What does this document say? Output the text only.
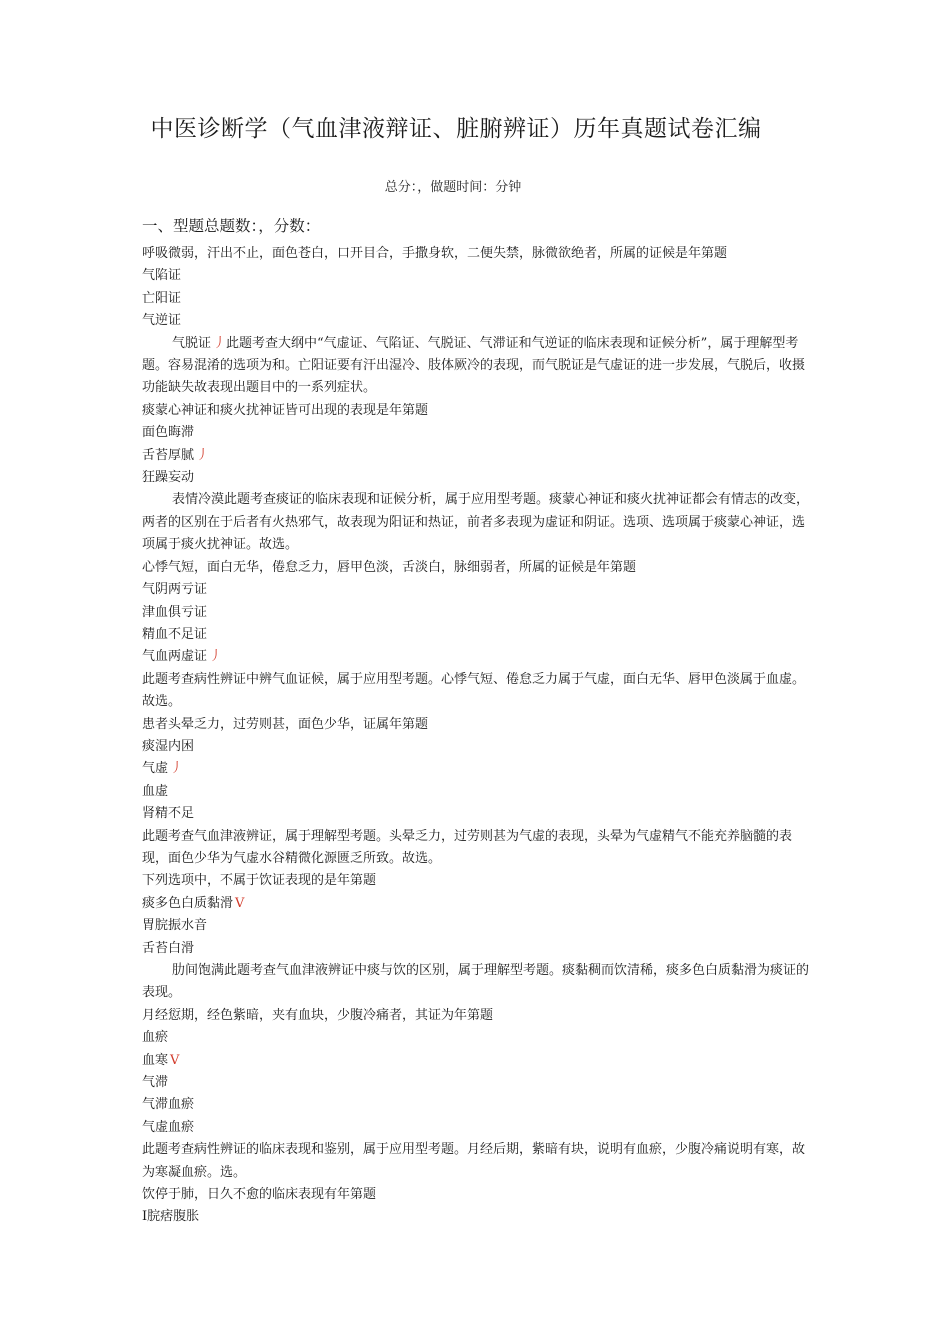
中医诊断学（气血津液辩证、脏腑辨证）历年真题试卷汇编
总分：，做题时间：分钟
一、型题总题数：，分数：
呼吸微弱，汗出不止，面色苍白，口开目合，手撒身软，二便失禁，脉微欲绝者，所属的证候是年第题
气陷证
亡阳证
气逆证
气脱证 丿此题考查大纲中“气虚证、气陷证、气脱证、气滞证和气逆证的临床表现和证候分析”，属于理解型考题。容易混淆的选项为和。亡阳证要有汗出湿冷、肢体厥冷的表现，而气脱证是气虚证的进一步发展，气脱后，收摄功能缺失故表现出题目中的一系列症状。
痰蒙心神证和痰火扰神证皆可出现的表现是年第题
面色晦滞
舌苔厚腻 丿
狂躁妄动
表情冷漠此题考查痰证的临床表现和证候分析，属于应用型考题。痰蒙心神证和痰火扰神证都会有情志的改变，两者的区别在于后者有火热邪气，故表现为阳证和热证，前者多表现为虚证和阴证。选项、选项属于痰蒙心神证，选项属于痰火扰神证。故选。
心悸气短，面白无华，倦怠乏力，唇甲色淡，舌淡白，脉细弱者，所属的证候是年第题
气阴两亏证
津血俱亏证
精血不足证
气血两虚证 丿
此题考查病性辨证中辨气血证候，属于应用型考题。心悸气短、倦怠乏力属于气虚，面白无华、唇甲色淡属于血虚。故选。
患者头晕乏力，过劳则甚，面色少华，证属年第题
痰湿内困
气虚 丿
血虚
肾精不足
此题考查气血津液辨证，属于理解型考题。头晕乏力，过劳则甚为气虚的表现，头晕为气虚精气不能充养脑髓的表现，面色少华为气虚水谷精微化源匮乏所致。故选。
下列选项中，不属于饮证表现的是年第题
痰多色白质黏滑 V
胃脘振水音
舌苔白滑
肋间饱满此题考查气血津液辨证中痰与饮的区别，属于理解型考题。痰黏稠而饮清稀，痰多色白质黏滑为痰证的表现。
月经愆期，经色紫暗，夹有血块，少腹冷痛者，其证为年第题
血瘀
血寒 V
气滞
气滞血瘀
气虚血瘀
此题考查病性辨证的临床表现和鉴别，属于应用型考题。月经后期，紫暗有块，说明有血瘀，少腹冷痛说明有寒，故为寒凝血瘀。选。
饮停于肺，日久不愈的临床表现有年第题
I脘痞腹胀
